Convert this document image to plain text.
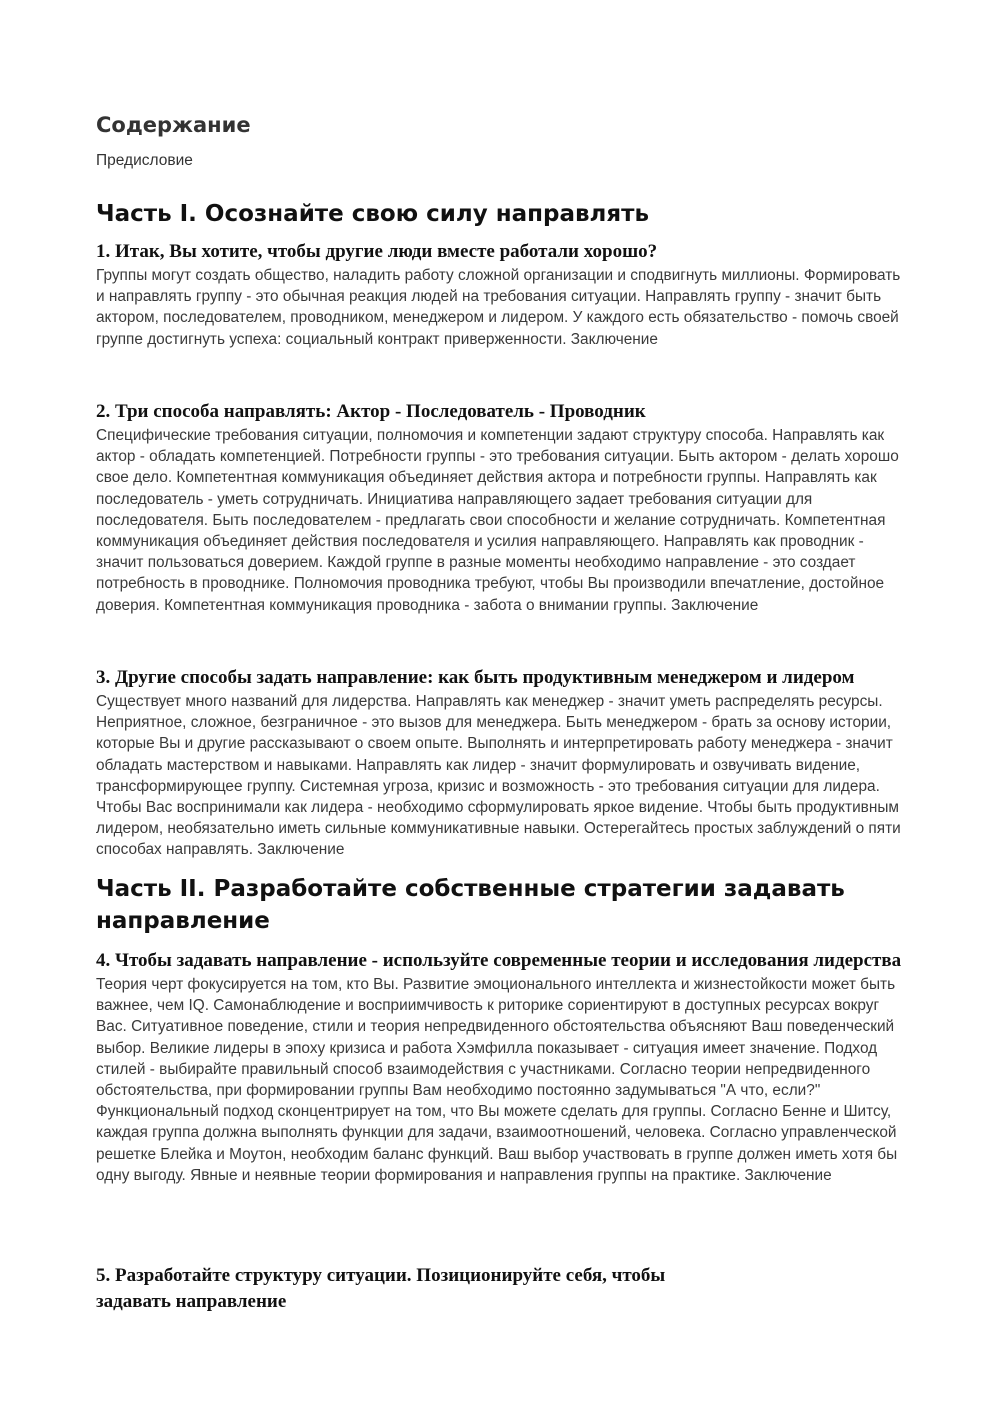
Содержание
Предисловие
Часть I. Осознайте свою силу направлять
1. Итак, Вы хотите, чтобы другие люди вместе работали хорошо?

Группы могут создать общество, наладить работу сложной организации и сподвигнуть миллионы. Формировать и направлять группу - это обычная реакция людей на требования ситуации. Направлять группу - значит быть актором, последователем, проводником, менеджером и лидером. У каждого есть обязательство - помочь своей группе достигнуть успеха: социальный контракт приверженности. Заключение

2. Три способа направлять: Актор - Последователь - Проводник

Специфические требования ситуации, полномочия и компетенции задают структуру способа. Направлять как актор - обладать компетенцией. Потребности группы - это требования ситуации. Быть актором - делать хорошо свое дело. Компетентная коммуникация объединяет действия актора и потребности группы. Направлять как последователь - уметь сотрудничать. Инициатива направляющего задает требования ситуации для последователя. Быть последователем - предлагать свои способности и желание сотрудничать. Компетентная коммуникация объединяет действия последователя и усилия направляющего. Направлять как проводник - значит пользоваться доверием. Каждой группе в разные моменты необходимо направление - это создает потребность в проводнике. Полномочия проводника требуют, чтобы Вы производили впечатление, достойное доверия. Компетентная коммуникация проводника - забота о внимании группы. Заключение

3. Другие способы задать направление: как быть продуктивным менеджером и лидером

Существует много названий для лидерства. Направлять как менеджер - значит уметь распределять ресурсы. Неприятное, сложное, безграничное - это вызов для менеджера. Быть менеджером - брать за основу истории, которые Вы и другие рассказывают о своем опыте. Выполнять и интерпретировать работу менеджера - значит обладать мастерством и навыками. Направлять как лидер - значит формулировать и озвучивать видение, трансформирующее группу. Системная угроза, кризис и возможность - это требования ситуации для лидера. Чтобы Вас воспринимали как лидера - необходимо сформулировать яркое видение. Чтобы быть продуктивным лидером, необязательно иметь сильные коммуникативные навыки. Остерегайтесь простых заблуждений о пяти способах направлять. Заключение

Часть II. Разработайте собственные стратегии задавать направление
4. Чтобы задавать направление - используйте современные теории и исследования лидерства

Теория черт фокусируется на том, кто Вы. Развитие эмоционального интеллекта и жизнестойкости может быть важнее, чем IQ. Самонаблюдение и восприимчивость к риторике сориентируют в доступных ресурсах вокруг Вас. Ситуативное поведение, стили и теория непредвиденного обстоятельства объясняют Ваш поведенческий выбор. Великие лидеры в эпоху кризиса и работа Хэмфилла показывает - ситуация имеет значение. Подход стилей - выбирайте правильный способ взаимодействия с участниками. Согласно теории непредвиденного обстоятельства, при формировании группы Вам необходимо постоянно задумываться "А что, если?" Функциональный подход сконцентрирует на том, что Вы можете сделать для группы. Согласно Бенне и Шитсу, каждая группа должна выполнять функции для задачи, взаимоотношений, человека. Согласно управленческой решетке Блейка и Моутон, необходим баланс функций. Ваш выбор участвовать в группе должен иметь хотя бы одну выгоду. Явные и неявные теории формирования и направления группы на практике. Заключение

5. Разработайте структуру ситуации. Позиционируйте себя, чтобы задавать направление
